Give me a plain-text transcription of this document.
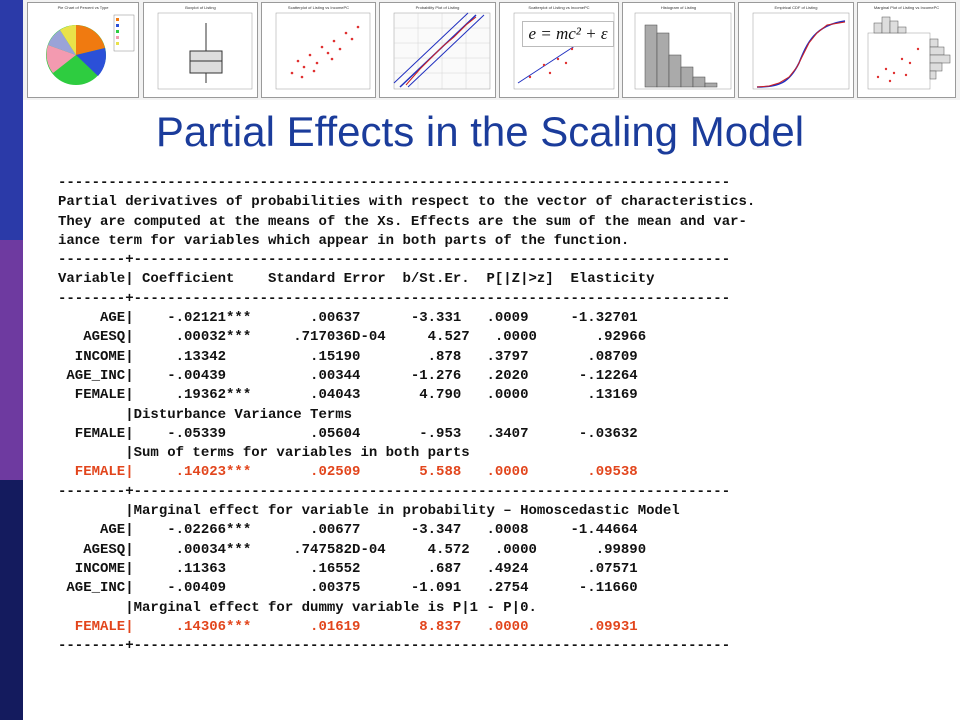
Pie Chart of Percent vs Type	Boxplot of Listing	Scatterplot of Listing vs IncomePC	Probability Plot of Listing	Scatterplot of Listing vs IncomePC
e = mc² + ε
Histogram of Listing	Empirical CDF of Listing	Marginal Plot of Listing vs IncomePC
Partial Effects in the Scaling Model
--------------------------------------------------------------------------------
Partial derivatives of probabilities with respect to the vector of characteristics.
They are computed at the means of the Xs. Effects are the sum of the mean and var-
iance term for variables which appear in both parts of the function.
--------+-----------------------------------------------------------------------
Variable| Coefficient    Standard Error  b/St.Er.  P[|Z|>z]  Elasticity
--------+-----------------------------------------------------------------------
AGE|    -.02121***       .00637      -3.331   .0009     -1.32701
AGESQ|     .00032***     .717036D-04     4.527   .0000       .92966
INCOME|     .13342          .15190        .878   .3797       .08709
AGE_INC|    -.00439          .00344      -1.276   .2020      -.12264
FEMALE|     .19362***       .04043       4.790   .0000       .13169
|Disturbance Variance Terms
FEMALE|    -.05339          .05604       -.953   .3407      -.03632
|Sum of terms for variables in both parts
FEMALE|     .14023***       .02509       5.588   .0000       .09538
--------+-----------------------------------------------------------------------
|Marginal effect for variable in probability – Homoscedastic Model
AGE|    -.02266***       .00677      -3.347   .0008     -1.44664
AGESQ|     .00034***     .747582D-04     4.572   .0000       .99890
INCOME|     .11363          .16552        .687   .4924       .07571
AGE_INC|    -.00409          .00375      -1.091   .2754      -.11660
|Marginal effect for dummy variable is P|1 - P|0.
FEMALE|     .14306***       .01619       8.837   .0000       .09931
--------+-----------------------------------------------------------------------
